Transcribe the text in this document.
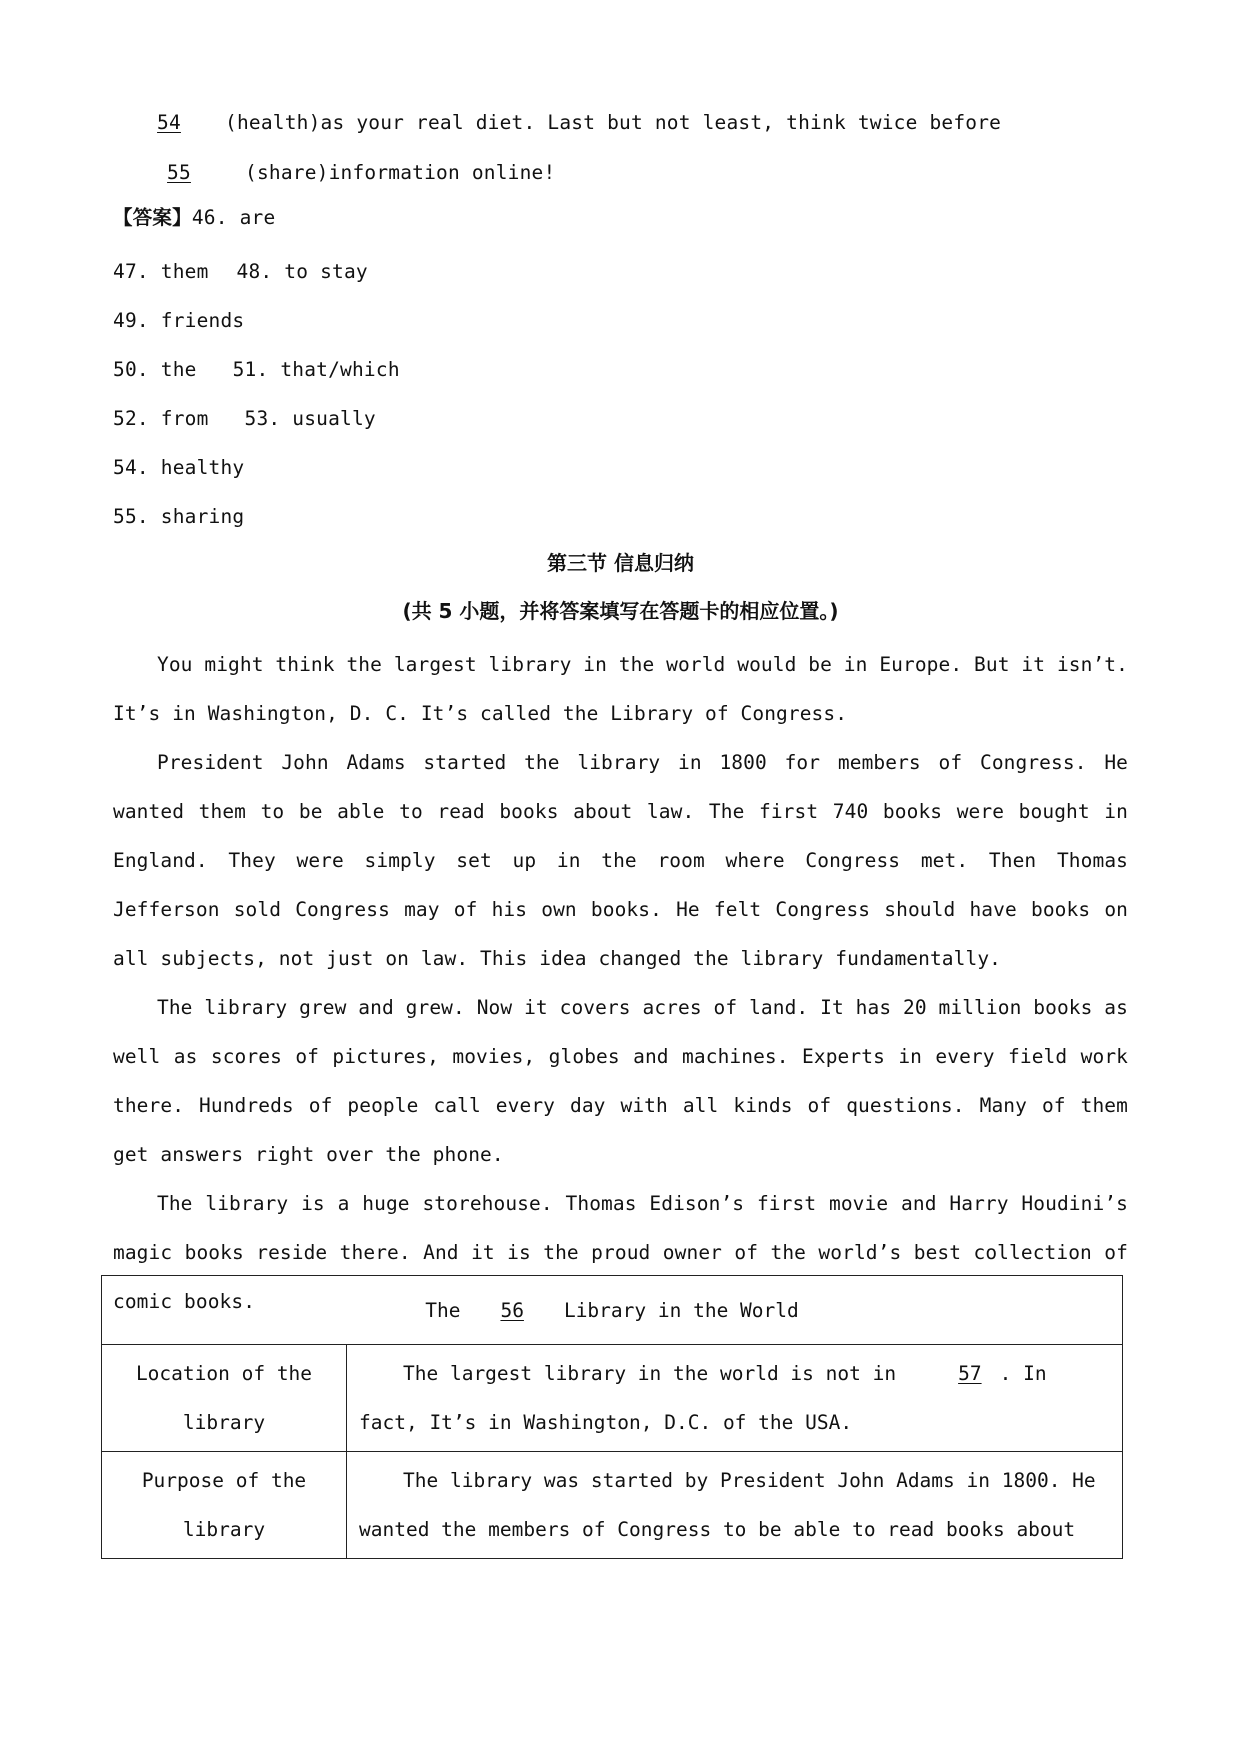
54 (health)as your real diet. Last but not least, think twice before
55	(share)information online!
【答案】46. are
47. them 48. to stay
49. friends
50. the 51. that/which
52. from 53. usually
54. healthy
55. sharing
第三节 信息归纳
(共 5 小题，并将答案填写在答题卡的相应位置。)
You might think the largest library in the world would be in Europe. But it isn’t. It’s in Washington, D. C. It’s called the Library of Congress.
President John Adams started the library in 1800 for members of Congress. He wanted them to be able to read books about law. The first 740 books were bought in England. They were simply set up in the room where Congress met. Then Thomas Jefferson sold Congress may of his own books. He felt Congress should have books on all subjects, not just on law. This idea changed the library fundamentally.
The library grew and grew. Now it covers acres of land. It has 20 million books as well as scores of pictures, movies, globes and machines. Experts in every field work there. Hundreds of people call every day with all kinds of questions. Many of them get answers right over the phone.
The library is a huge storehouse. Thomas Edison’s first movie and Harry Houdini’s magic books reside there. And it is the proud owner of the world’s best collection of comic books.	The 56 Library in the World	
Location of the library	The largest library in the world is not in 57 . In fact, It’s in Washington, D.C. of the USA.
Purpose of the library	The library was started by President John Adams in 1800. He wanted the members of Congress to be able to read books about
